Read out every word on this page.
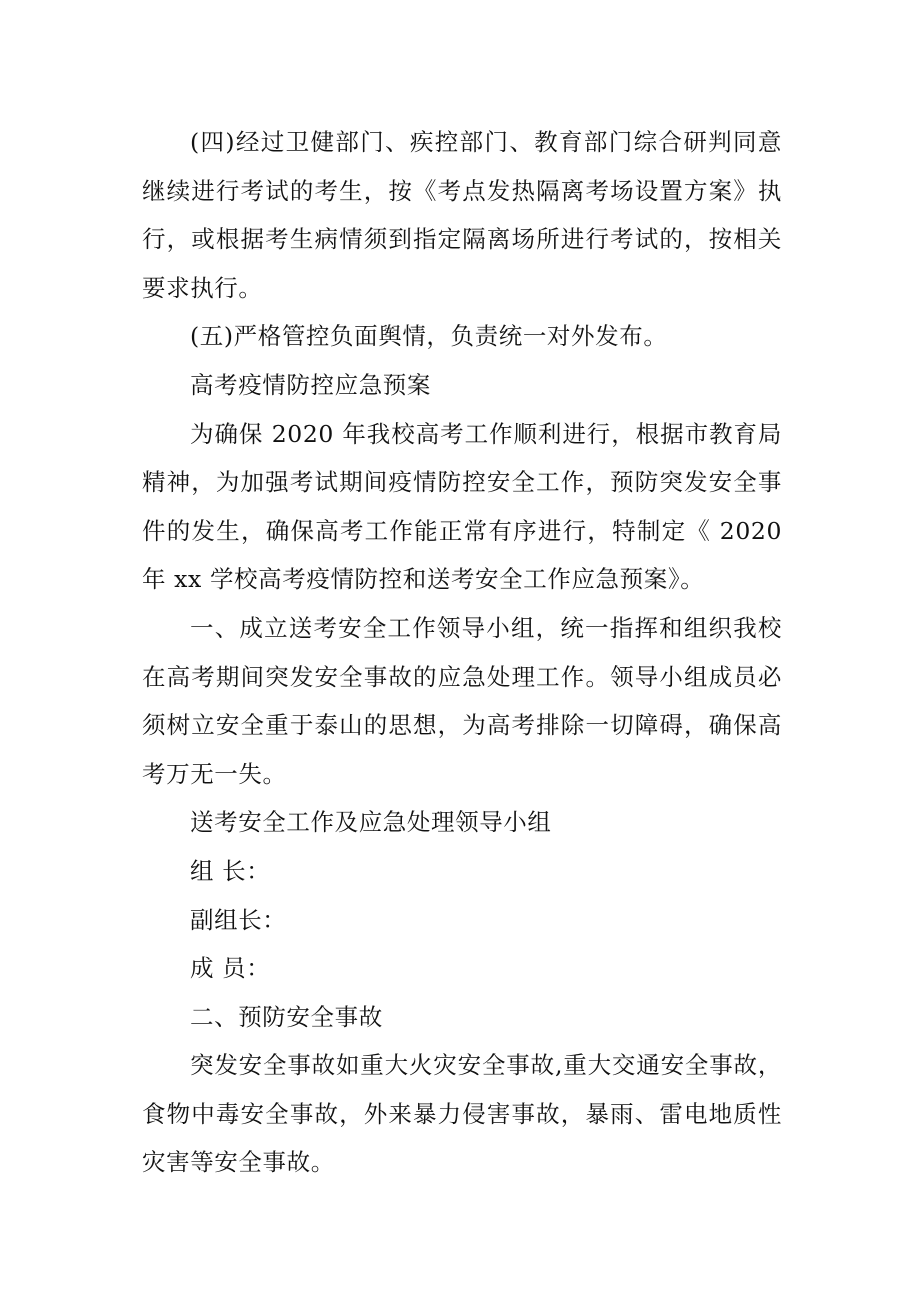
(四)经过卫健部门、疾控部门、教育部门综合研判同意继续进行考试的考生，按《考点发热隔离考场设置方案》执行，或根据考生病情须到指定隔离场所进行考试的，按相关要求执行。

(五)严格管控负面舆情，负责统一对外发布。

高考疫情防控应急预案

为确保 2020 年我校高考工作顺利进行，根据市教育局精神，为加强考试期间疫情防控安全工作，预防突发安全事件的发生，确保高考工作能正常有序进行，特制定《 2020 年 xx 学校高考疫情防控和送考安全工作应急预案》。

一、成立送考安全工作领导小组，统一指挥和组织我校在高考期间突发安全事故的应急处理工作。领导小组成员必须树立安全重于泰山的思想，为高考排除一切障碍，确保高考万无一失。

送考安全工作及应急处理领导小组

组 长：

副组长：

成 员：

二、预防安全事故

突发安全事故如重大火灾安全事故,重大交通安全事故，食物中毒安全事故，外来暴力侵害事故，暴雨、雷电地质性灾害等安全事故。
